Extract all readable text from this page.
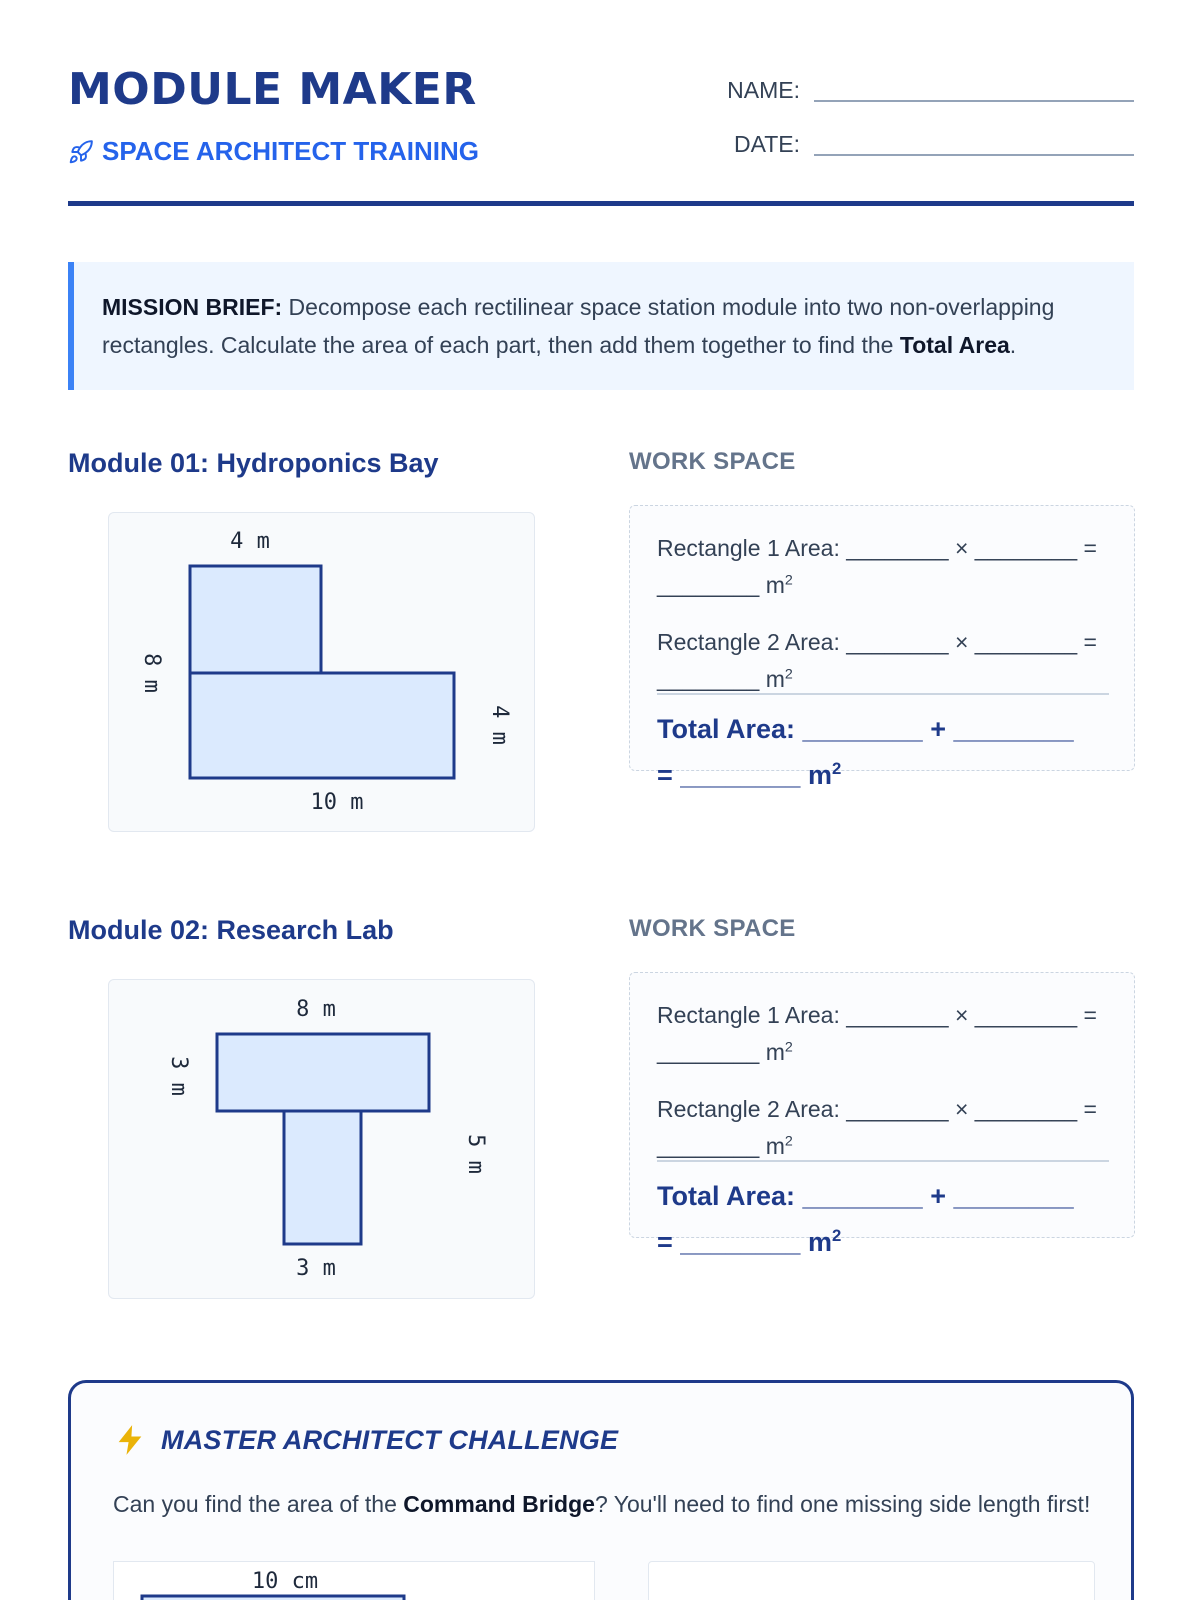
MODULE MAKER
SPACE ARCHITECT TRAINING
NAME:
DATE:
MISSION BRIEF: Decompose each rectilinear space station module into two non-overlapping rectangles. Calculate the area of each part, then add them together to find the Total Area.
Module 01: Hydroponics Bay	WORK SPACE
4 m
10 m
8 m
4 m
Rectangle 1 Area: ________ × ________ = ________ $m^2$
Rectangle 2 Area: ________ × ________ = ________ $m^2$
Total Area: ________ + ________ = ________ $m^2$
Module 02: Research Lab	WORK SPACE
8 m
3 m
3 m
5 m
Rectangle 1 Area: ________ × ________ = ________ $m^2$
Rectangle 2 Area: ________ × ________ = ________ $m^2$
Total Area: ________ + ________ = ________ $m^2$
MASTER ARCHITECT CHALLENGE
Can you find the area of the Command Bridge? You'll need to find one missing side length first!
10 cm
